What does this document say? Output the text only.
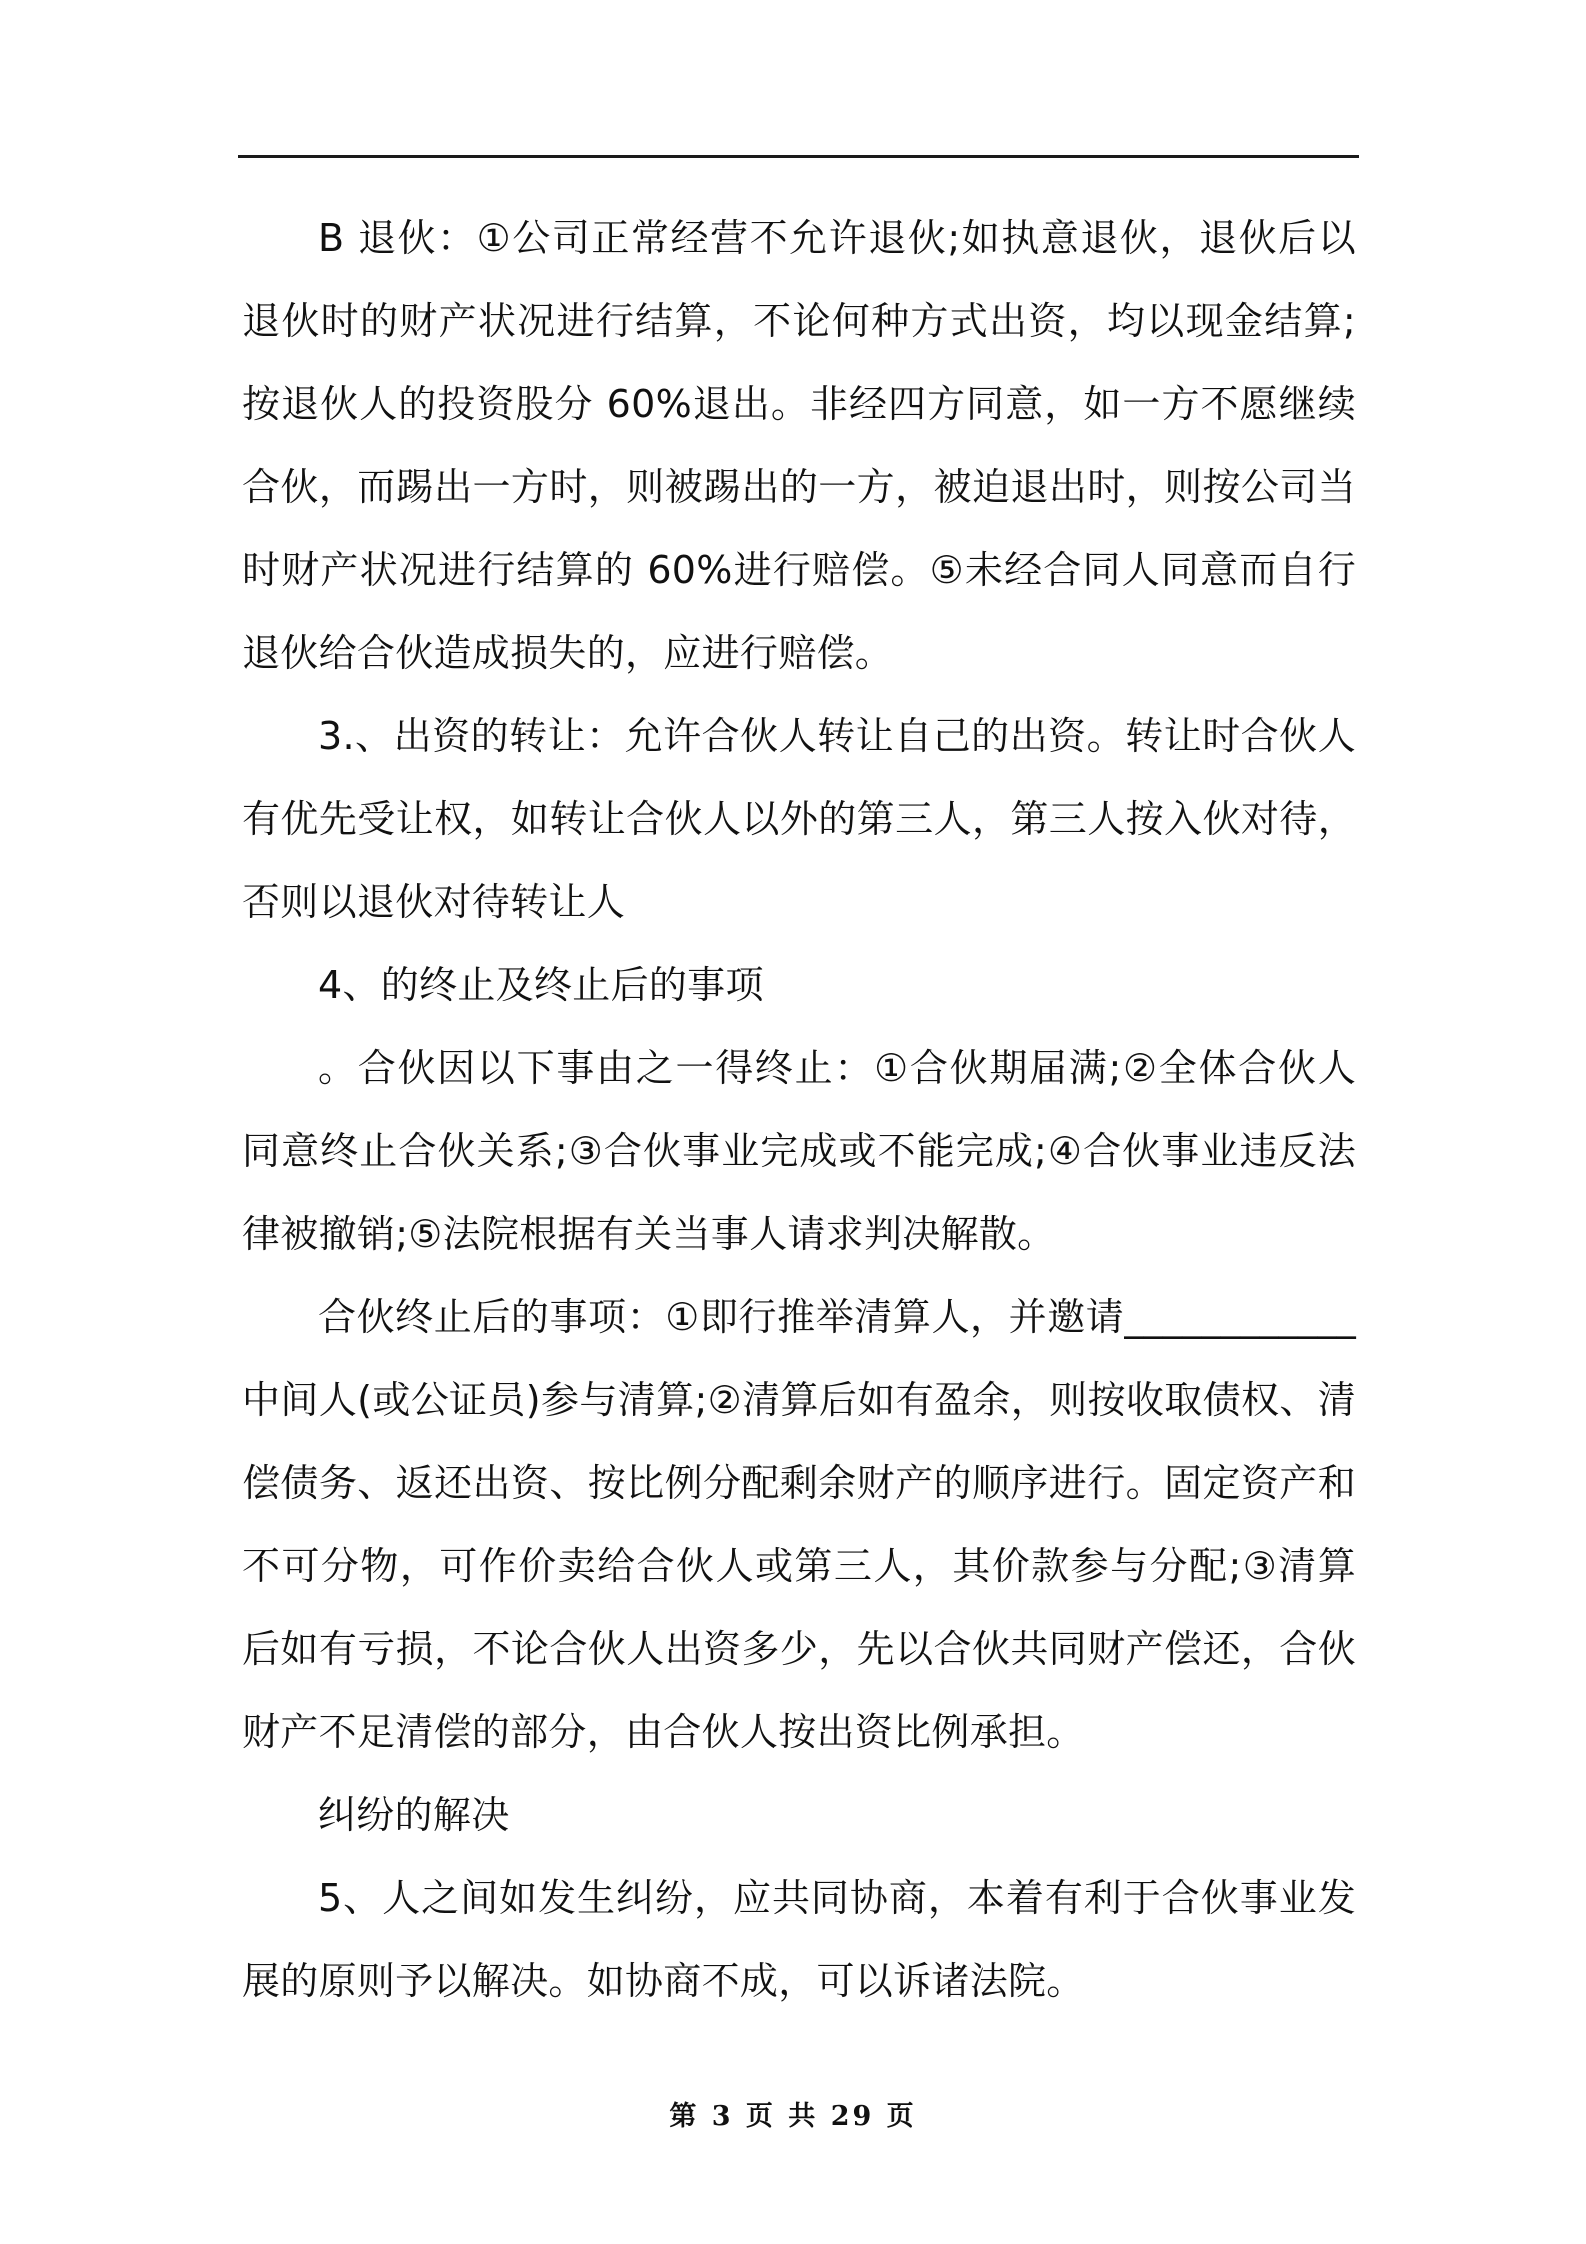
B 退伙：①公司正常经营不允许退伙;如执意退伙，退伙后以退伙时的财产状况进行结算，不论何种方式出资，均以现金结算;按退伙人的投资股分 60%退出。非经四方同意，如一方不愿继续合伙，而踢出一方时，则被踢出的一方，被迫退出时，则按公司当时财产状况进行结算的 60%进行赔偿。⑤未经合同人同意而自行退伙给合伙造成损失的，应进行赔偿。

3.、出资的转让：允许合伙人转让自己的出资。转让时合伙人有优先受让权，如转让合伙人以外的第三人，第三人按入伙对待，否则以退伙对待转让人

4、的终止及终止后的事项

。合伙因以下事由之一得终止：①合伙期届满;②全体合伙人同意终止合伙关系;③合伙事业完成或不能完成;④合伙事业违反法律被撤销;⑤法院根据有关当事人请求判决解散。

合伙终止后的事项：①即行推举清算人，并邀请____________中间人(或公证员)参与清算;②清算后如有盈余，则按收取债权、清偿债务、返还出资、按比例分配剩余财产的顺序进行。固定资产和不可分物，可作价卖给合伙人或第三人，其价款参与分配;③清算后如有亏损，不论合伙人出资多少，先以合伙共同财产偿还，合伙财产不足清偿的部分，由合伙人按出资比例承担。

纠纷的解决

5、人之间如发生纠纷，应共同协商，本着有利于合伙事业发展的原则予以解决。如协商不成，可以诉诸法院。

第 3 页 共 29 页
